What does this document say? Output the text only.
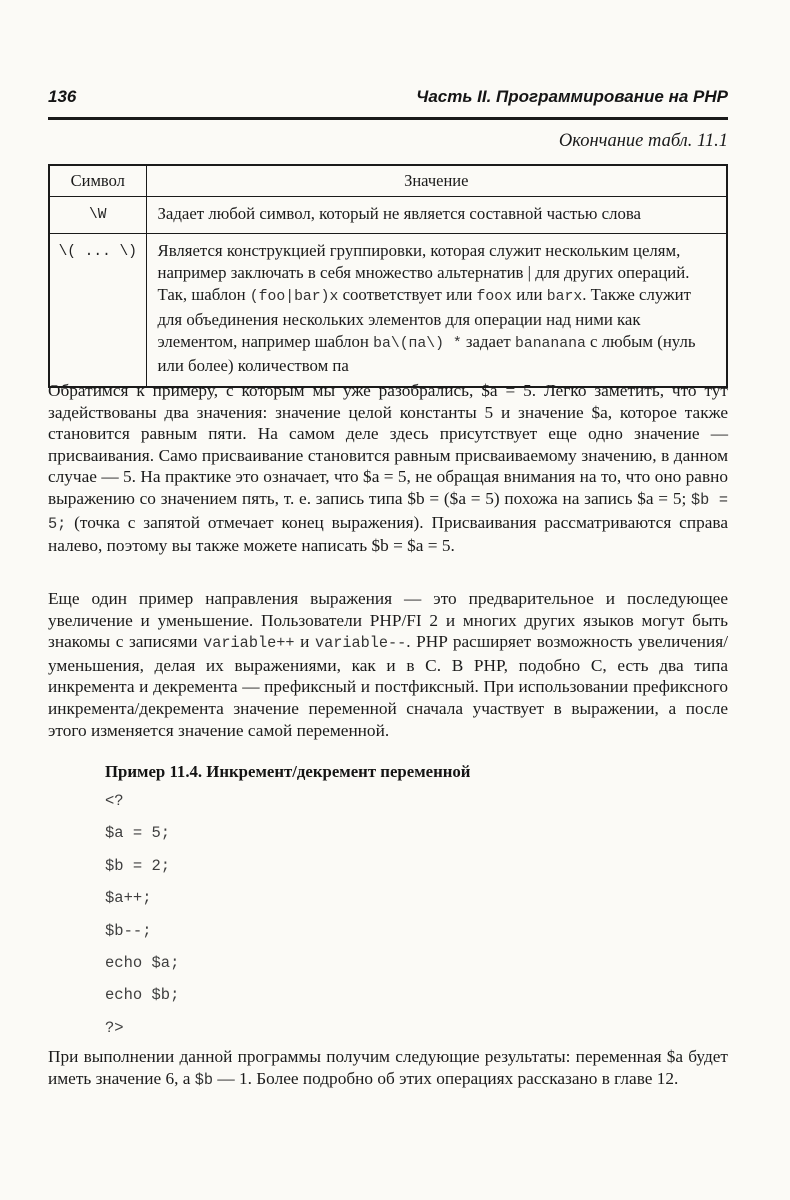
136	Часть II. Программирование на PHP
Окончание табл. 11.1
Символ	Значение
\W	Задает любой символ, который не является составной частью слова
\( ... \)	Является конструкцией группировки, которая служит нескольким целям, например заключать в себя множество альтернатив | для других операций. Так, шаблон (foo|bar)x соответствует или foox или barx. Также служит для объединения нескольких элементов для операции над ними как элементом, например шаблон ba\(па\) * задает bananana с любым (нуль или более) количеством па

Обратимся к примеру, с которым мы уже разобрались, $a = 5. Легко заметить, что тут задействованы два значения: значение целой константы 5 и значение $a, которое также становится равным пяти. На самом деле здесь присутствует еще одно значение — присваивания. Само присваивание становится равным присваиваемому значению, в данном случае — 5. На практике это означает, что $a = 5, не обращая внимания на то, что оно равно выражению со значением пять, т. е. запись типа $b = ($a = 5) похожа на запись $a = 5; $b = 5; (точка с запятой отмечает конец выражения). Присваивания рассматриваются справа налево, поэтому вы также можете написать $b = $a = 5.

Еще один пример направления выражения — это предварительное и последующее увеличение и уменьшение. Пользователи PHP/FI 2 и многих других языков могут быть знакомы с записями variable++ и variable--. PHP расширяет возможность увеличения/уменьшения, делая их выражениями, как и в С. В PHP, подобно С, есть два типа инкремента и декремента — префиксный и постфиксный. При использовании префиксного инкремента/декремента значение переменной сначала участвует в выражении, а после этого изменяется значение самой переменной.

Пример 11.4. Инкремент/декремент переменной
<?
$a = 5;
$b = 2;
$a++;
$b--;
echo $a;
echo $b;
?>

При выполнении данной программы получим следующие результаты: переменная $a будет иметь значение 6, а $b — 1. Более подробно об этих операциях рассказано в главе 12.
